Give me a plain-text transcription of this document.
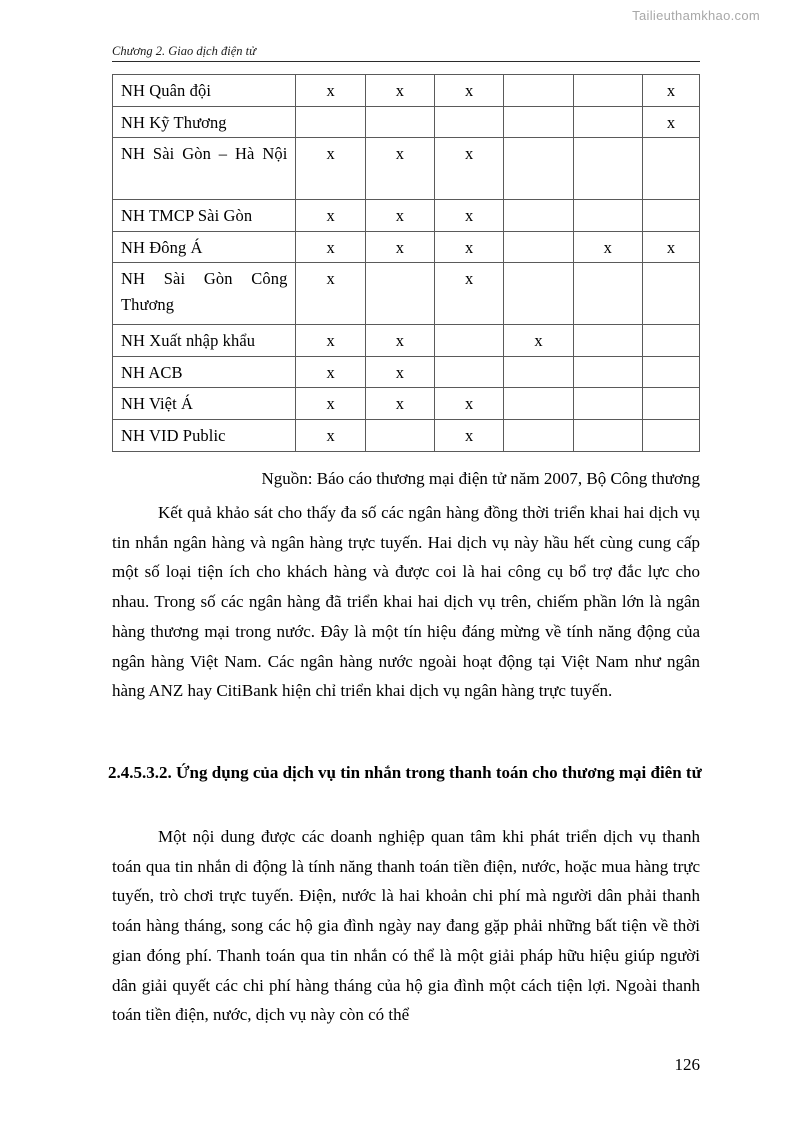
Tailieuthamkhao.com
Chương 2. Giao dịch điện tử
NH Quân đội	x	x	x			x
NH Kỹ Thương						x
NH Sài Gòn – Hà Nội	x	x	x			
NH TMCP Sài Gòn	x	x	x			
NH Đông Á	x	x	x		x	x
NH Sài Gòn Công Thương	x		x			
NH Xuất nhập khẩu	x	x		x		
NH ACB	x	x				
NH Việt Á	x	x	x			
NH VID Public	x		x			
Nguồn: Báo cáo thương mại điện tử năm 2007, Bộ Công thương
Kết quả khảo sát cho thấy đa số các ngân hàng đồng thời triển khai hai dịch vụ tin nhắn ngân hàng và ngân hàng trực tuyến. Hai dịch vụ này hầu hết cùng cung cấp một số loại tiện ích cho khách hàng và được coi là hai công cụ bổ trợ đắc lực cho nhau. Trong số các ngân hàng đã triển khai hai dịch vụ trên, chiếm phần lớn là ngân hàng thương mại trong nước. Đây là một tín hiệu đáng mừng về tính năng động của ngân hàng Việt Nam. Các ngân hàng nước ngoài hoạt động tại Việt Nam như ngân hàng ANZ hay CitiBank hiện chỉ triển khai dịch vụ ngân hàng trực tuyến.
2.4.5.3.2. Ứng dụng của dịch vụ tin nhắn trong thanh toán cho thương mại điên tử
Một nội dung được các doanh nghiệp quan tâm khi phát triển dịch vụ thanh toán qua tin nhắn di động là tính năng thanh toán tiền điện, nước, hoặc mua hàng trực tuyến, trò chơi trực tuyến. Điện, nước là hai khoản chi phí mà người dân phải thanh toán hàng tháng, song các hộ gia đình ngày nay đang gặp phải những bất tiện về thời gian đóng phí. Thanh toán qua tin nhắn có thể là một giải pháp hữu hiệu giúp người dân giải quyết các chi phí hàng tháng của hộ gia đình một cách tiện lợi. Ngoài thanh toán tiền điện, nước, dịch vụ này còn có thể
126
